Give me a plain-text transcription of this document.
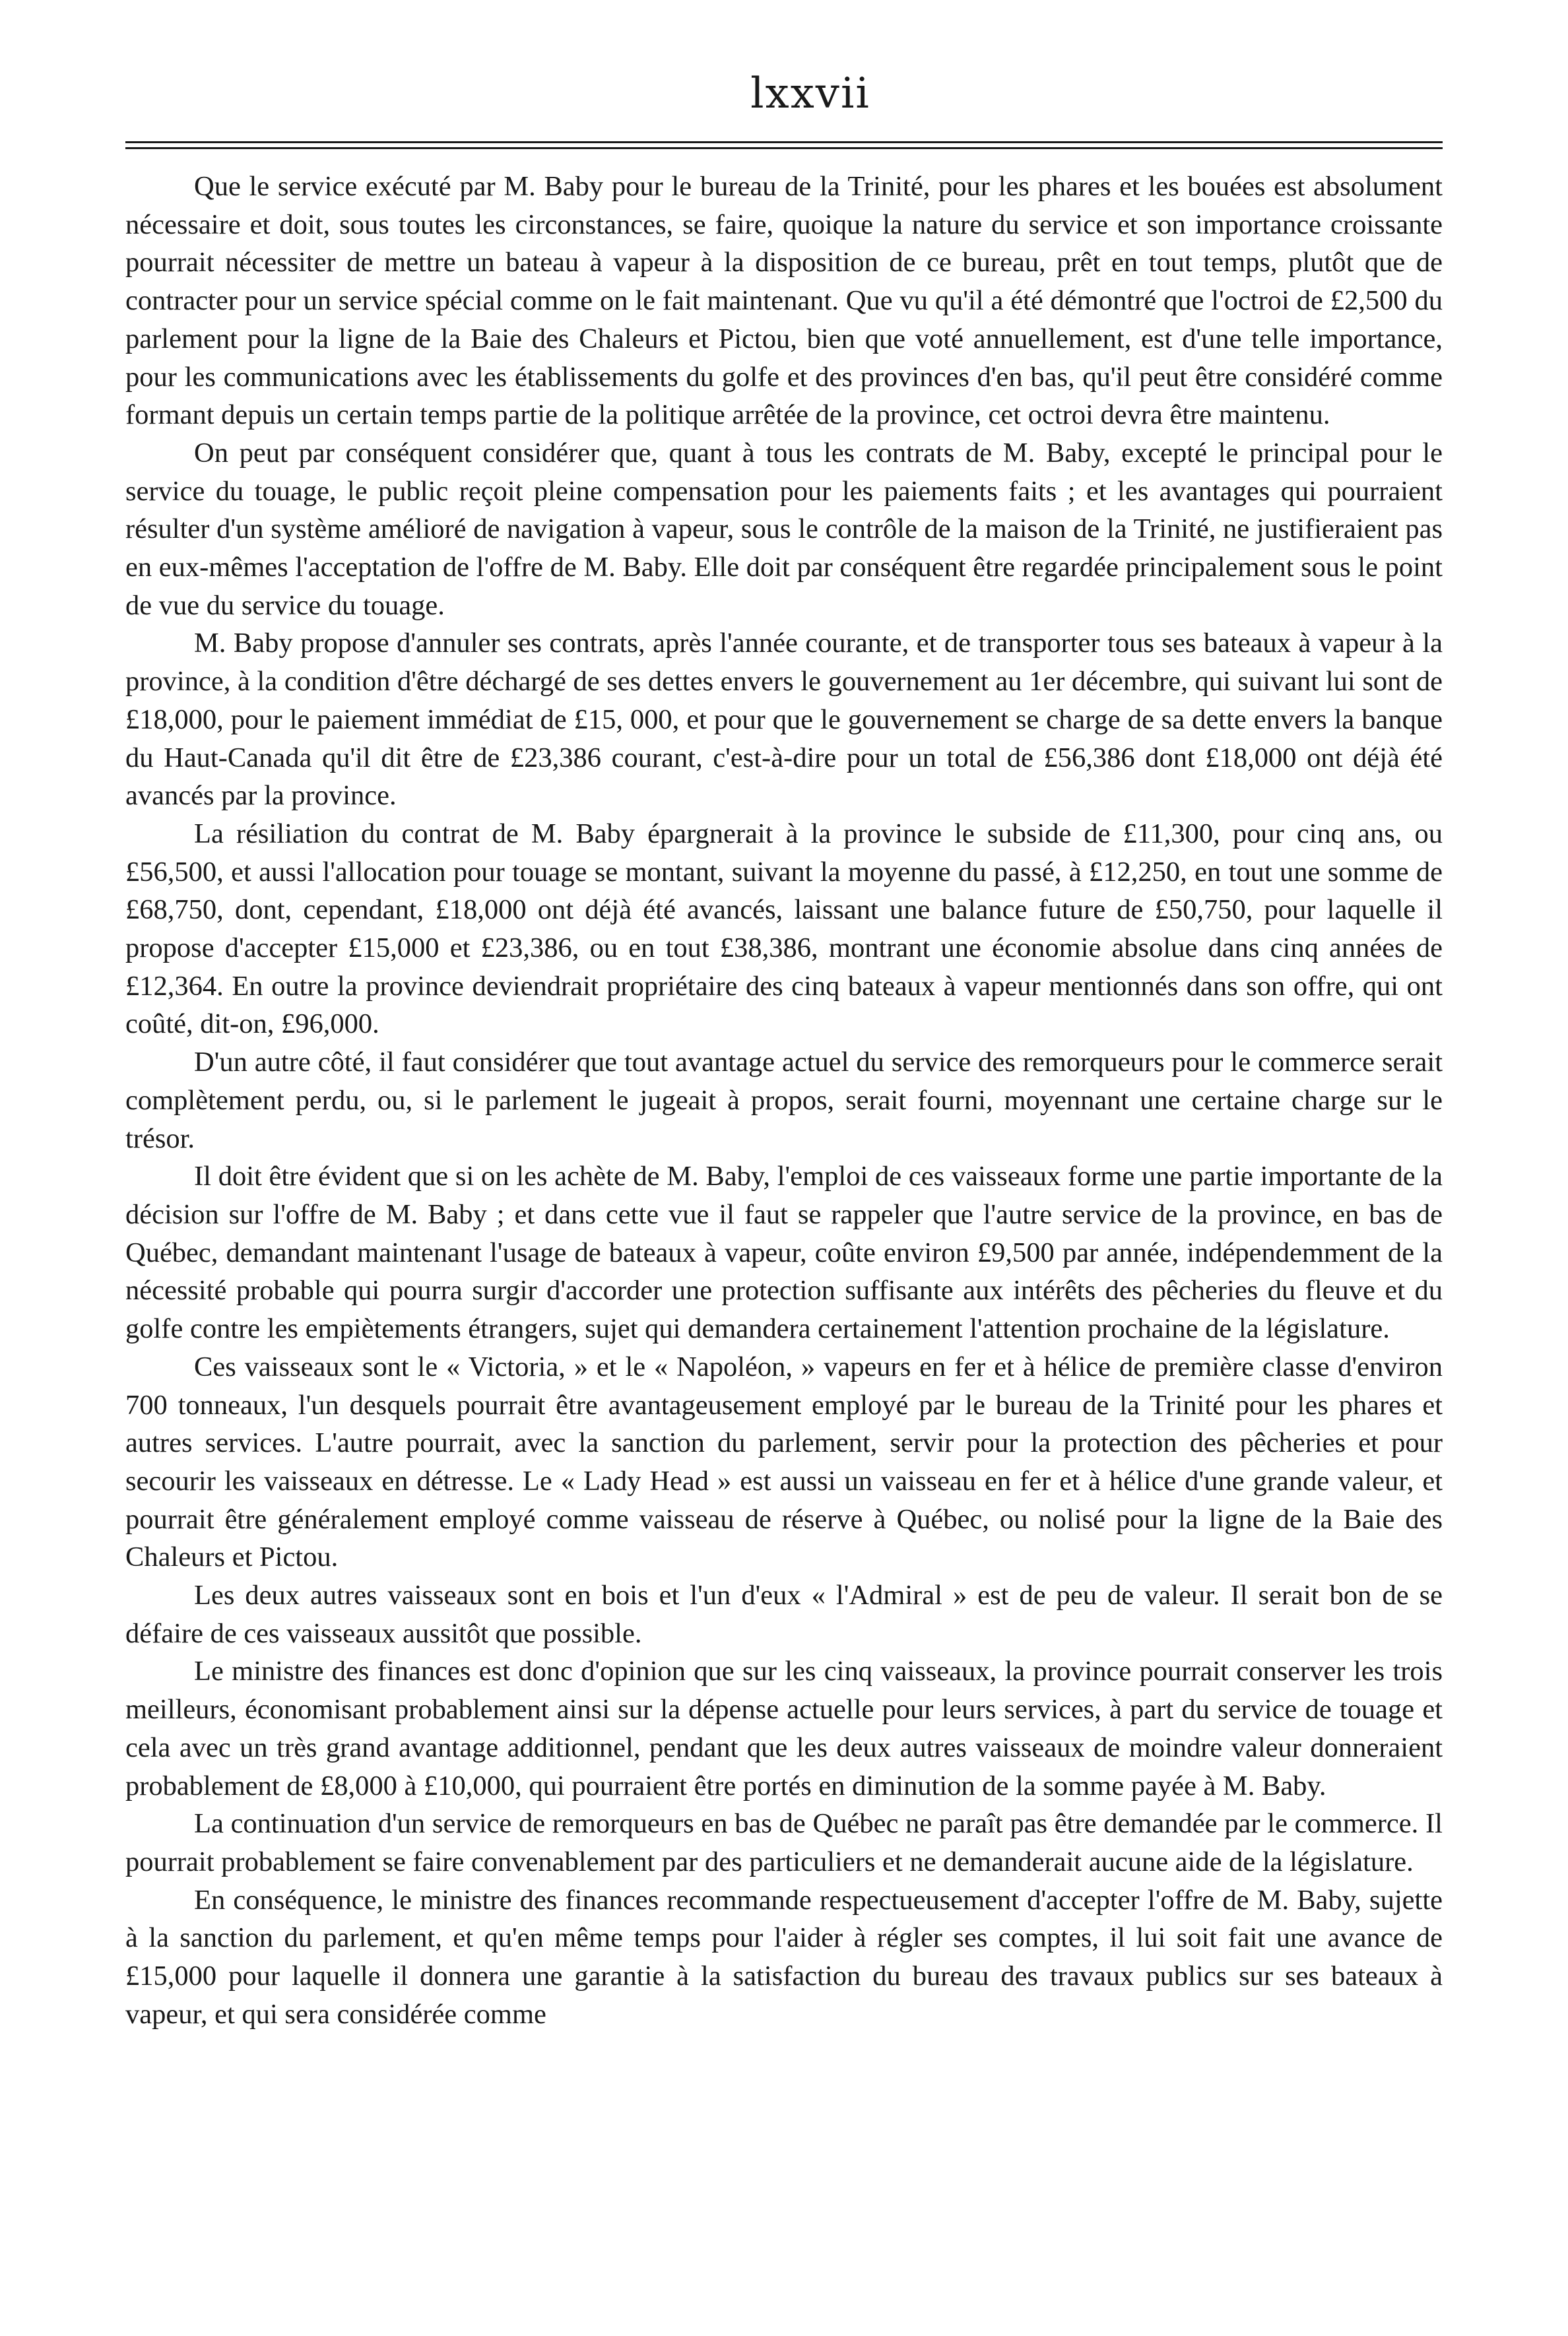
lxxvii

Que le service exécuté par M. Baby pour le bureau de la Trinité, pour les phares et les bouées est absolument nécessaire et doit, sous toutes les circonstances, se faire, quoique la nature du service et son importance croissante pourrait nécessiter de mettre un bateau à vapeur à la disposition de ce bureau, prêt en tout temps, plutôt que de contracter pour un service spécial comme on le fait maintenant. Que vu qu'il a été démontré que l'octroi de £2,500 du parlement pour la ligne de la Baie des Chaleurs et Pictou, bien que voté annuellement, est d'une telle importance, pour les communications avec les établissements du golfe et des provinces d'en bas, qu'il peut être considéré comme formant depuis un certain temps partie de la politique arrêtée de la province, cet octroi devra être maintenu.

On peut par conséquent considérer que, quant à tous les contrats de M. Baby, excepté le principal pour le service du touage, le public reçoit pleine compensation pour les paiements faits ; et les avantages qui pourraient résulter d'un système amélioré de navigation à vapeur, sous le contrôle de la maison de la Trinité, ne justifieraient pas en eux-mêmes l'acceptation de l'offre de M. Baby. Elle doit par conséquent être regardée principalement sous le point de vue du service du touage.

M. Baby propose d'annuler ses contrats, après l'année courante, et de transporter tous ses bateaux à vapeur à la province, à la condition d'être déchargé de ses dettes envers le gouvernement au 1er décembre, qui suivant lui sont de £18,000, pour le paiement immédiat de £15, 000, et pour que le gouvernement se charge de sa dette envers la banque du Haut-Canada qu'il dit être de £23,386 courant, c'est-à-dire pour un total de £56,386 dont £18,000 ont déjà été avancés par la province.

La résiliation du contrat de M. Baby épargnerait à la province le subside de £11,300, pour cinq ans, ou £56,500, et aussi l'allocation pour touage se montant, suivant la moyenne du passé, à £12,250, en tout une somme de £68,750, dont, cependant, £18,000 ont déjà été avancés, laissant une balance future de £50,750, pour laquelle il propose d'accepter £15,000 et £23,386, ou en tout £38,386, montrant une économie absolue dans cinq années de £12,364. En outre la province deviendrait propriétaire des cinq bateaux à vapeur mentionnés dans son offre, qui ont coûté, dit-on, £96,000.

D'un autre côté, il faut considérer que tout avantage actuel du service des remorqueurs pour le commerce serait complètement perdu, ou, si le parlement le jugeait à propos, serait fourni, moyennant une certaine charge sur le trésor.

Il doit être évident que si on les achète de M. Baby, l'emploi de ces vaisseaux forme une partie importante de la décision sur l'offre de M. Baby ; et dans cette vue il faut se rappeler que l'autre service de la province, en bas de Québec, demandant maintenant l'usage de bateaux à vapeur, coûte environ £9,500 par année, indépendemment de la nécessité probable qui pourra surgir d'accorder une protection suffisante aux intérêts des pêcheries du fleuve et du golfe contre les empiètements étrangers, sujet qui demandera certainement l'attention prochaine de la législature.

Ces vaisseaux sont le « Victoria, » et le « Napoléon, » vapeurs en fer et à hélice de première classe d'environ 700 tonneaux, l'un desquels pourrait être avantageusement employé par le bureau de la Trinité pour les phares et autres services. L'autre pourrait, avec la sanction du parlement, servir pour la protection des pêcheries et pour secourir les vaisseaux en détresse. Le « Lady Head » est aussi un vaisseau en fer et à hélice d'une grande valeur, et pourrait être généralement employé comme vaisseau de réserve à Québec, ou nolisé pour la ligne de la Baie des Chaleurs et Pictou.

Les deux autres vaisseaux sont en bois et l'un d'eux « l'Admiral » est de peu de valeur. Il serait bon de se défaire de ces vaisseaux aussitôt que possible.

Le ministre des finances est donc d'opinion que sur les cinq vaisseaux, la province pourrait conserver les trois meilleurs, économisant probablement ainsi sur la dépense actuelle pour leurs services, à part du service de touage et cela avec un très grand avantage additionnel, pendant que les deux autres vaisseaux de moindre valeur donneraient probablement de £8,000 à £10,000, qui pourraient être portés en diminution de la somme payée à M. Baby.

La continuation d'un service de remorqueurs en bas de Québec ne paraît pas être demandée par le commerce. Il pourrait probablement se faire convenablement par des particuliers et ne demanderait aucune aide de la législature.

En conséquence, le ministre des finances recommande respectueusement d'accepter l'offre de M. Baby, sujette à la sanction du parlement, et qu'en même temps pour l'aider à régler ses comptes, il lui soit fait une avance de £15,000 pour laquelle il donnera une garantie à la satisfaction du bureau des travaux publics sur ses bateaux à vapeur, et qui sera considérée comme
